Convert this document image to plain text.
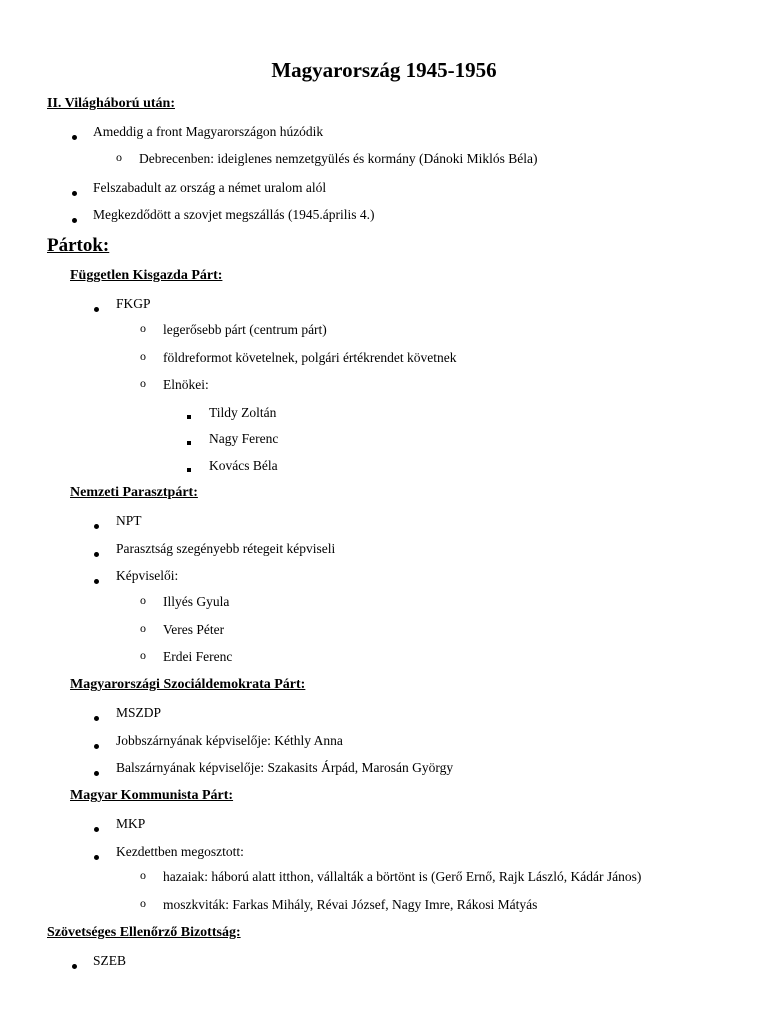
Magyarország 1945-1956
II. Világháború után:
Ameddig a front Magyarországon húzódik
o Debrecenben: ideiglenes nemzetgyülés és kormány (Dánoki Miklós Béla)
Felszabadult az ország a német uralom alól
Megkezdődött a szovjet megszállás (1945.április 4.)
Pártok:
Független Kisgazda Párt:
FKGP
o legerősebb párt (centrum párt)
o földreformot követelnek, polgári értékrendet követnek
o Elnökei:
Tildy Zoltán
Nagy Ferenc
Kovács Béla
Nemzeti Parasztpárt:
NPT
Parasztság szegényebb rétegeit képviseli
Képviselői:
o Illyés Gyula
o Veres Péter
o Erdei Ferenc
Magyarországi Szociáldemokrata Párt:
MSZDP
Jobbszárnyának képviselője: Kéthly Anna
Balszárnyának képviselője: Szakasits Árpád, Marosán György
Magyar Kommunista Párt:
MKP
Kezdettben megosztott:
o hazaiak: háború alatt itthon, vállalták a börtönt is (Gerő Ernő, Rajk László, Kádár János)
o moszkviták: Farkas Mihály, Révai József, Nagy Imre, Rákosi Mátyás
Szövetséges Ellenőrző Bizottság:
SZEB
